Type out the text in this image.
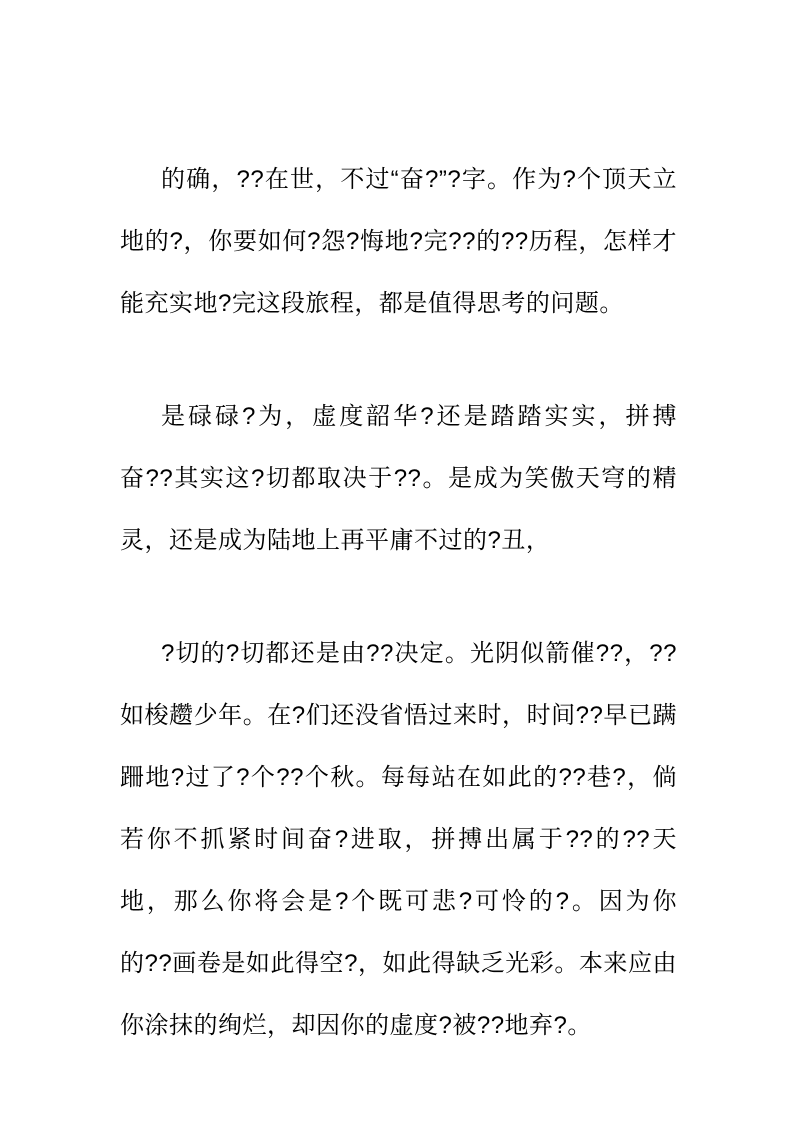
的确，??在世，不过“奋?”?字。作为?个顶天立地的?，你要如何?怨?悔地?完??的??历程，怎样才能充实地?完这段旅程，都是值得思考的问题。

是碌碌?为，虚度韶华?还是踏踏实实，拼搏奋??其实这?切都取决于??。是成为笑傲天穹的精灵，还是成为陆地上再平庸不过的?丑，

?切的?切都还是由??决定。光阴似箭催??，??如梭趱少年。在?们还没省悟过来时，时间??早已蹒跚地?过了?个??个秋。每每站在如此的??巷?，倘若你不抓紧时间奋?进取，拼搏出属于??的??天地，那么你将会是?个既可悲?可怜的?。因为你的??画卷是如此得空?，如此得缺乏光彩。本来应由你涂抹的绚烂，却因你的虚度?被??地弃?。
